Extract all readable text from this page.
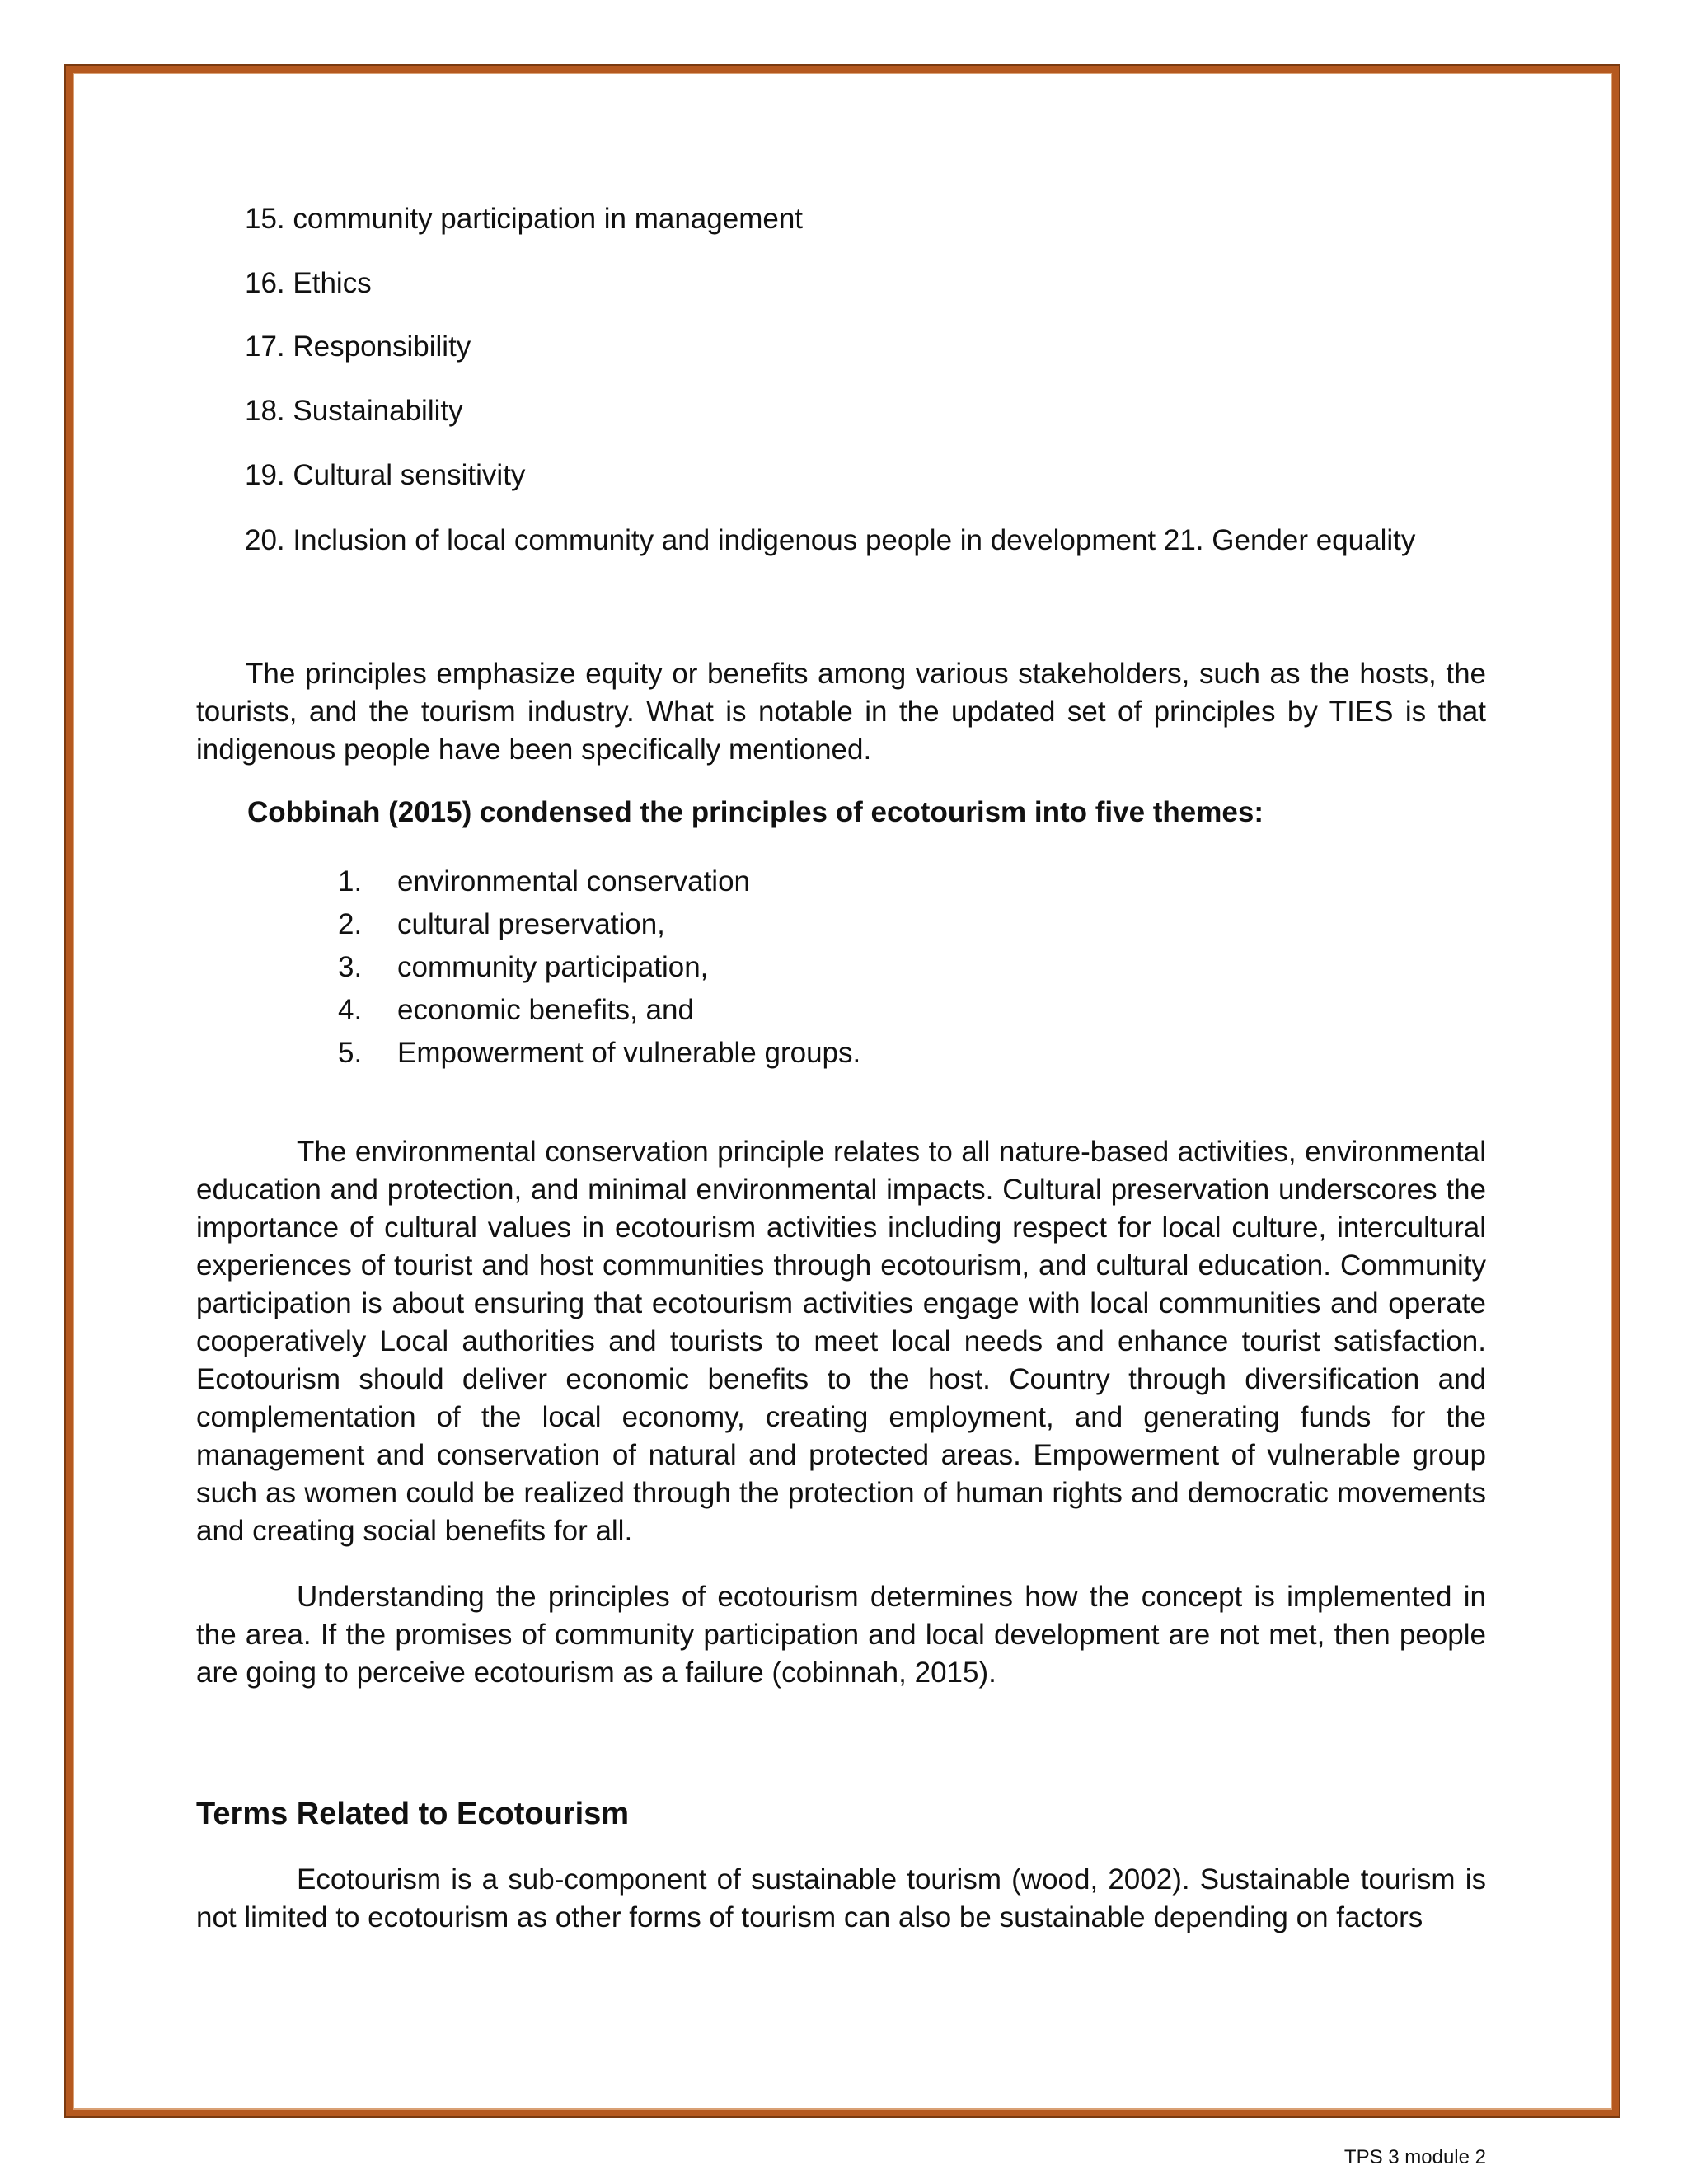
15. community participation in management

16. Ethics

17. Responsibility

18. Sustainability

19. Cultural sensitivity

20. Inclusion of local community and indigenous people in development 21. Gender equality

The principles emphasize equity or benefits among various stakeholders, such as the hosts, the tourists, and the tourism industry. What is notable in the updated set of principles by TIES is that indigenous people have been specifically mentioned.

Cobbinah (2015) condensed the principles of ecotourism into five themes:

1.	environmental conservation
2.	cultural preservation,
3.	community participation,
4.	economic benefits, and
5.	Empowerment of vulnerable groups.

The environmental conservation principle relates to all nature-based activities, environmental education and protection, and minimal environmental impacts. Cultural preservation underscores the importance of cultural values in ecotourism activities including respect for local culture, intercultural experiences of tourist and host communities through ecotourism, and cultural education. Community participation is about ensuring that ecotourism activities engage with local communities and operate cooperatively Local authorities and tourists to meet local needs and enhance tourist satisfaction. Ecotourism should deliver economic benefits to the host. Country through diversification and complementation of the local economy, creating employment, and generating funds for the management and conservation of natural and protected areas. Empowerment of vulnerable group such as women could be realized through the protection of human rights and democratic movements and creating social benefits for all.

Understanding the principles of ecotourism determines how the concept is implemented in the area. If the promises of community participation and local development are not met, then people are going to perceive ecotourism as a failure (cobinnah, 2015).

Terms Related to Ecotourism

Ecotourism is a sub-component of sustainable tourism (wood, 2002). Sustainable tourism is not limited to ecotourism as other forms of tourism can also be sustainable depending on factors

TPS 3 module 2
